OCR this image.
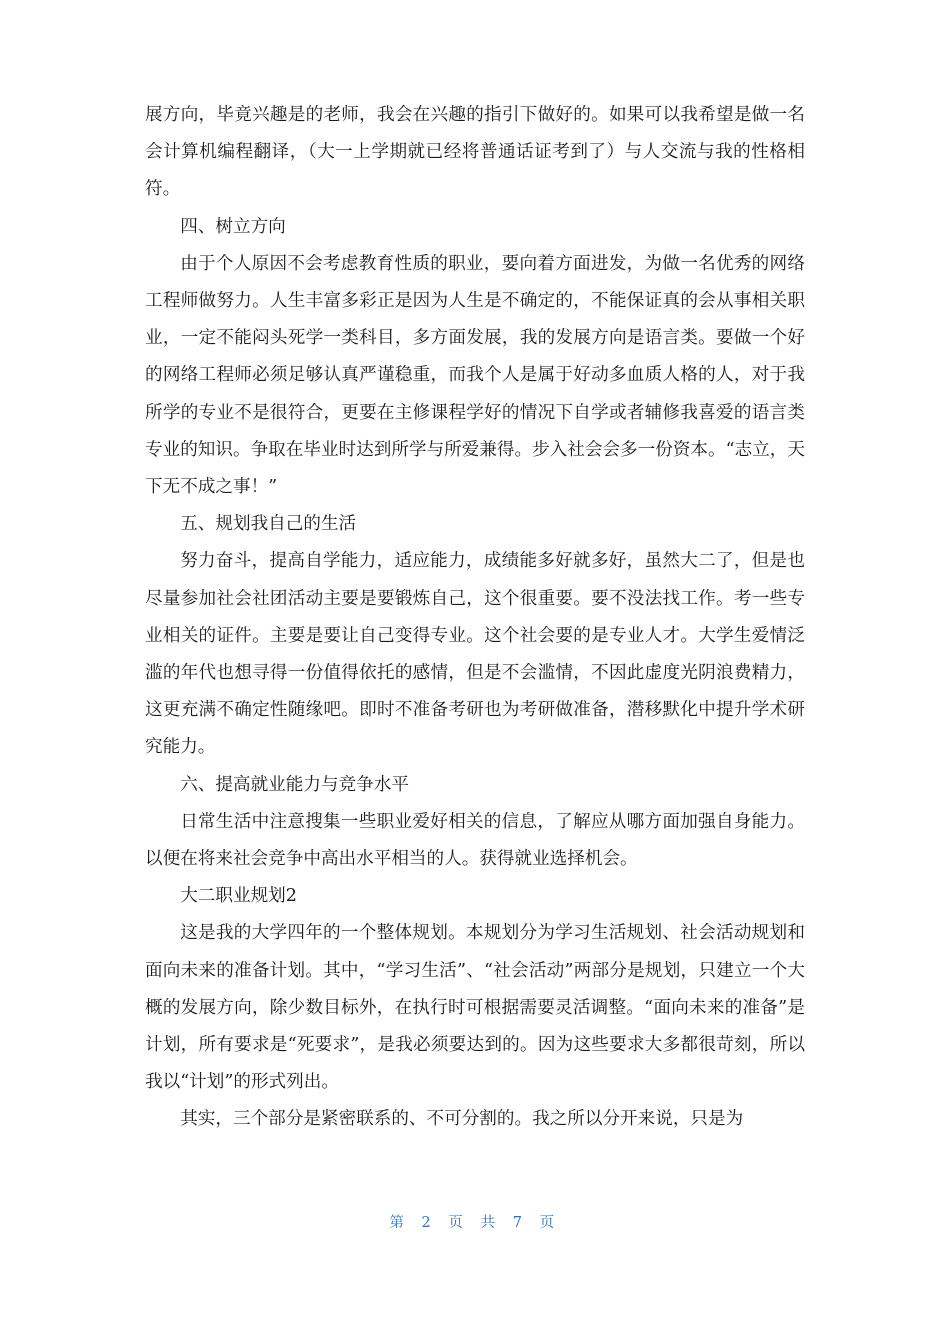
展方向，毕竟兴趣是的老师，我会在兴趣的指引下做好的。如果可以我希望是做一名会计算机编程翻译，（大一上学期就已经将普通话证考到了）与人交流与我的性格相符。

四、树立方向

由于个人原因不会考虑教育性质的职业，要向着方面进发，为做一名优秀的网络工程师做努力。人生丰富多彩正是因为人生是不确定的，不能保证真的会从事相关职业，一定不能闷头死学一类科目，多方面发展，我的发展方向是语言类。要做一个好的网络工程师必须足够认真严谨稳重，而我个人是属于好动多血质人格的人，对于我所学的专业不是很符合，更要在主修课程学好的情况下自学或者辅修我喜爱的语言类专业的知识。争取在毕业时达到所学与所爱兼得。步入社会会多一份资本。“志立，天下无不成之事！”

五、规划我自己的生活

努力奋斗，提高自学能力，适应能力，成绩能多好就多好，虽然大二了，但是也尽量参加社会社团活动主要是要锻炼自己，这个很重要。要不没法找工作。考一些专业相关的证件。主要是要让自己变得专业。这个社会要的是专业人才。大学生爱情泛滥的年代也想寻得一份值得依托的感情，但是不会滥情，不因此虚度光阴浪费精力，这更充满不确定性随缘吧。即时不准备考研也为考研做准备，潜移默化中提升学术研究能力。

六、提高就业能力与竞争水平

日常生活中注意搜集一些职业爱好相关的信息，了解应从哪方面加强自身能力。以便在将来社会竞争中高出水平相当的人。获得就业选择机会。

大二职业规划2

这是我的大学四年的一个整体规划。本规划分为学习生活规划、社会活动规划和面向未来的准备计划。其中，“学习生活”、“社会活动”两部分是规划，只建立一个大概的发展方向，除少数目标外，在执行时可根据需要灵活调整。“面向未来的准备”是计划，所有要求是“死要求”，是我必须要达到的。因为这些要求大多都很苛刻，所以我以“计划”的形式列出。

其实，三个部分是紧密联系的、不可分割的。我之所以分开来说，只是为

第 2 页 共 7 页
